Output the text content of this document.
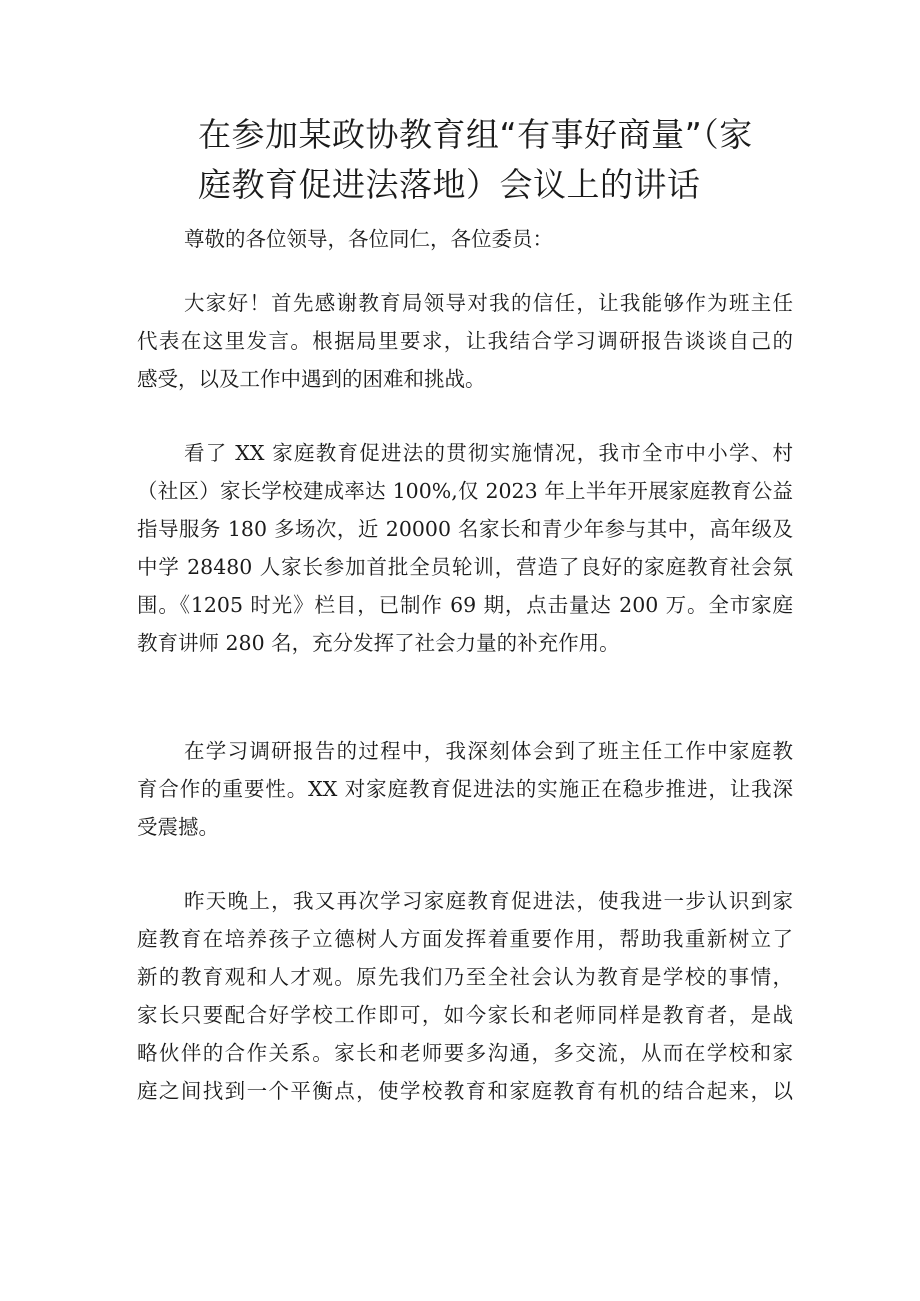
在参加某政协教育组“有事好商量”（家
庭教育促进法落地）会议上的讲话

尊敬的各位领导，各位同仁，各位委员：

大家好！首先感谢教育局领导对我的信任，让我能够作为班主任
代表在这里发言。根据局里要求，让我结合学习调研报告谈谈自己的
感受，以及工作中遇到的困难和挑战。

看了 XX 家庭教育促进法的贯彻实施情况，我市全市中小学、村
（社区）家长学校建成率达 100%,仅 2023 年上半年开展家庭教育公益
指导服务 180 多场次，近 20000 名家长和青少年参与其中，高年级及
中学 28480 人家长参加首批全员轮训，营造了良好的家庭教育社会氛
围。《1205 时光》栏目，已制作 69 期，点击量达 200 万。全市家庭
教育讲师 280 名，充分发挥了社会力量的补充作用。

在学习调研报告的过程中，我深刻体会到了班主任工作中家庭教
育合作的重要性。XX 对家庭教育促进法的实施正在稳步推进，让我深
受震撼。

昨天晚上，我又再次学习家庭教育促进法，使我进一步认识到家
庭教育在培养孩子立德树人方面发挥着重要作用，帮助我重新树立了
新的教育观和人才观。原先我们乃至全社会认为教育是学校的事情，
家长只要配合好学校工作即可，如今家长和老师同样是教育者，是战
略伙伴的合作关系。家长和老师要多沟通，多交流，从而在学校和家
庭之间找到一个平衡点，使学校教育和家庭教育有机的结合起来，以
